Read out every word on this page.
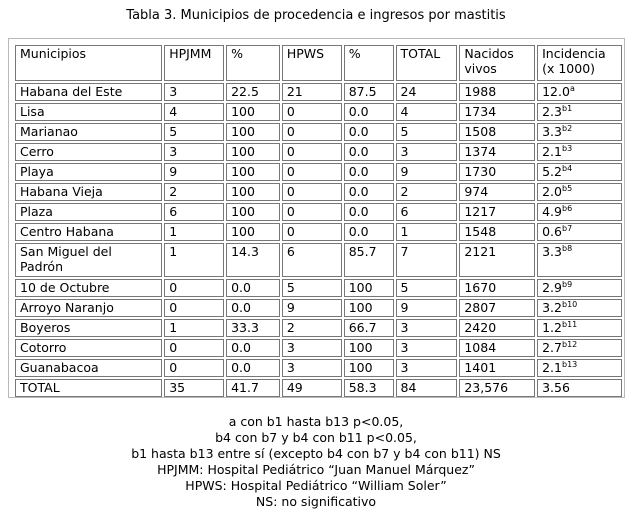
Tabla 3. Municipios de procedencia e ingresos por mastitis
Municipios	HPJMM	%	HPWS	%	TOTAL	Nacidos vivos	Incidencia (x 1000)
Habana del Este	3	22.5	21	87.5	24	1988	12.0$^a$
Lisa	4	100	0	0.0	4	1734	$2.3^{b1}$
Marianao	5	100	0	0.0	5	1508	$3.3^{b2}$
Cerro	3	100	0	0.0	3	1374	$2.1^{b3}$
Playa	9	100	0	0.0	9	1730	$5.2^{b4}$
Habana Vieja	2	100	0	0.0	2	974	$2.0^{b5}$
Plaza	6	100	0	0.0	6	1217	$4.9^{b6}$
Centro Habana	1	100	0	0.0	1	1548	$0.6^{b7}$
San Miguel del Padrón	1	14.3	6	85.7	7	2121	$3.3^{b8}$
10 de Octubre	0	0.0	5	100	5	1670	$2.9^{b9}$
Arroyo Naranjo	0	0.0	9	100	9	2807	$3.2^{b10}$
Boyeros	1	33.3	2	66.7	3	2420	$1.2^{b11}$
Cotorro	0	0.0	3	100	3	1084	$2.7^{b12}$
Guanabacoa	0	0.0	3	100	3	1401	$2.1^{b13}$
TOTAL	35	41.7	49	58.3	84	23,576	3.56
a con b1 hasta b13 p<0.05,
b4 con b7 y b4 con b11 p<0.05,
b1 hasta b13 entre sí (excepto b4 con b7 y b4 con b11) NS
HPJMM: Hospital Pediátrico “Juan Manuel Márquez”
HPWS: Hospital Pediátrico “William Soler”
NS: no significativo
